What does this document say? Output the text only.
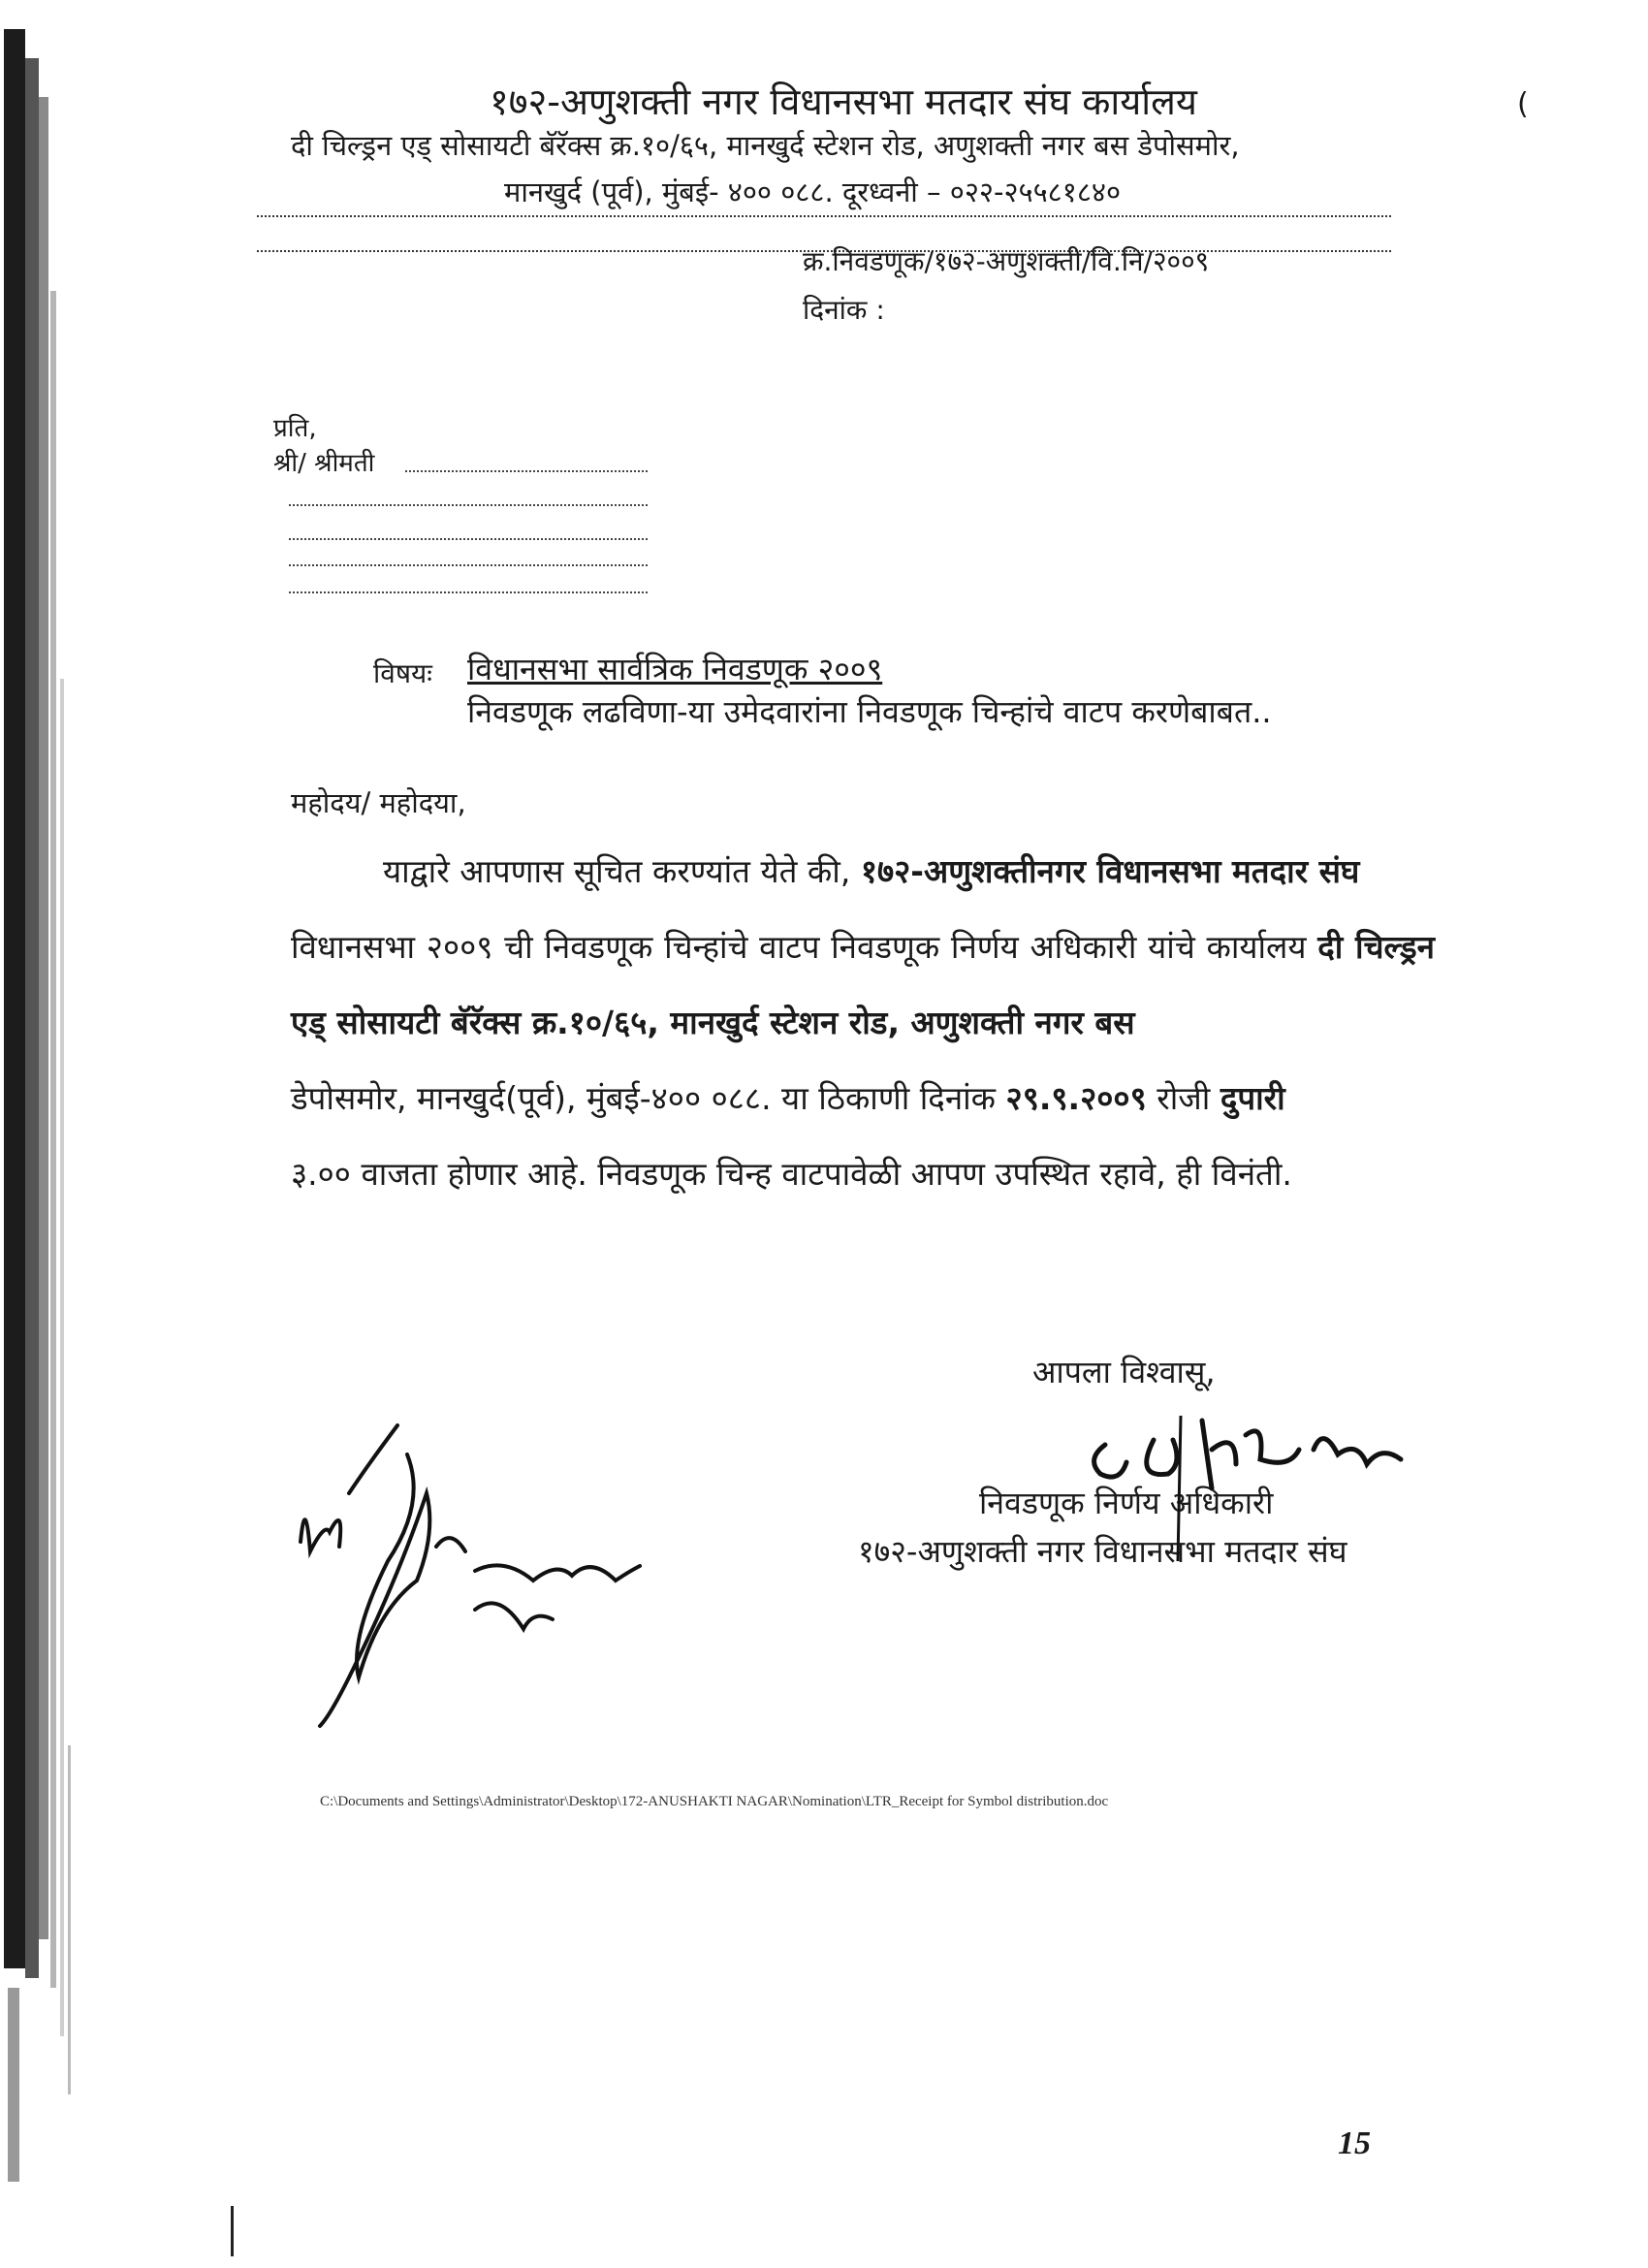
१७२-अणुशक्ती नगर विधानसभा मतदार संघ कार्यालय
दी चिल्ड्रन एड् सोसायटी बॅरॅक्स क्र.१०/६५, मानखुर्द स्टेशन रोड, अणुशक्ती नगर बस डेपोसमोर,
मानखुर्द (पूर्व), मुंबई- ४०० ०८८. दूरध्वनी – ०२२-२५५८१८४०
(
क्र.निवडणूक/१७२-अणुशक्ती/वि.नि/२००९
दिनांक :
प्रति,
श्री/ श्रीमती
विषयः विधानसभा सार्वत्रिक निवडणूक २००९
निवडणूक लढविणा-या उमेदवारांना निवडणूक चिन्हांचे वाटप करणेबाबत..
महोदय/ महोदया,
याद्वारे आपणास सूचित करण्यांत येते की, १७२-अणुशक्तीनगर विधानसभा मतदार संघ
विधानसभा २००९ ची निवडणूक चिन्हांचे वाटप निवडणूक निर्णय अधिकारी यांचे कार्यालय दी चिल्ड्रन एड् सोसायटी बॅरॅक्स क्र.१०/६५, मानखुर्द स्टेशन रोड, अणुशक्ती नगर बस
डेपोसमोर, मानखुर्द(पूर्व), मुंबई-४०० ०८८. या ठिकाणी दिनांक २९.९.२००९ रोजी दुपारी
३.०० वाजता होणार आहे. निवडणूक चिन्ह वाटपावेळी आपण उपस्थित रहावे, ही विनंती.
आपला विश्वासू,
निवडणूक निर्णय अधिकारी
१७२-अणुशक्ती नगर विधानसभा मतदार संघ
C:\Documents and Settings\Administrator\Desktop\172-ANUSHAKTI NAGAR\Nomination\LTR_Receipt for Symbol distribution.doc
15
